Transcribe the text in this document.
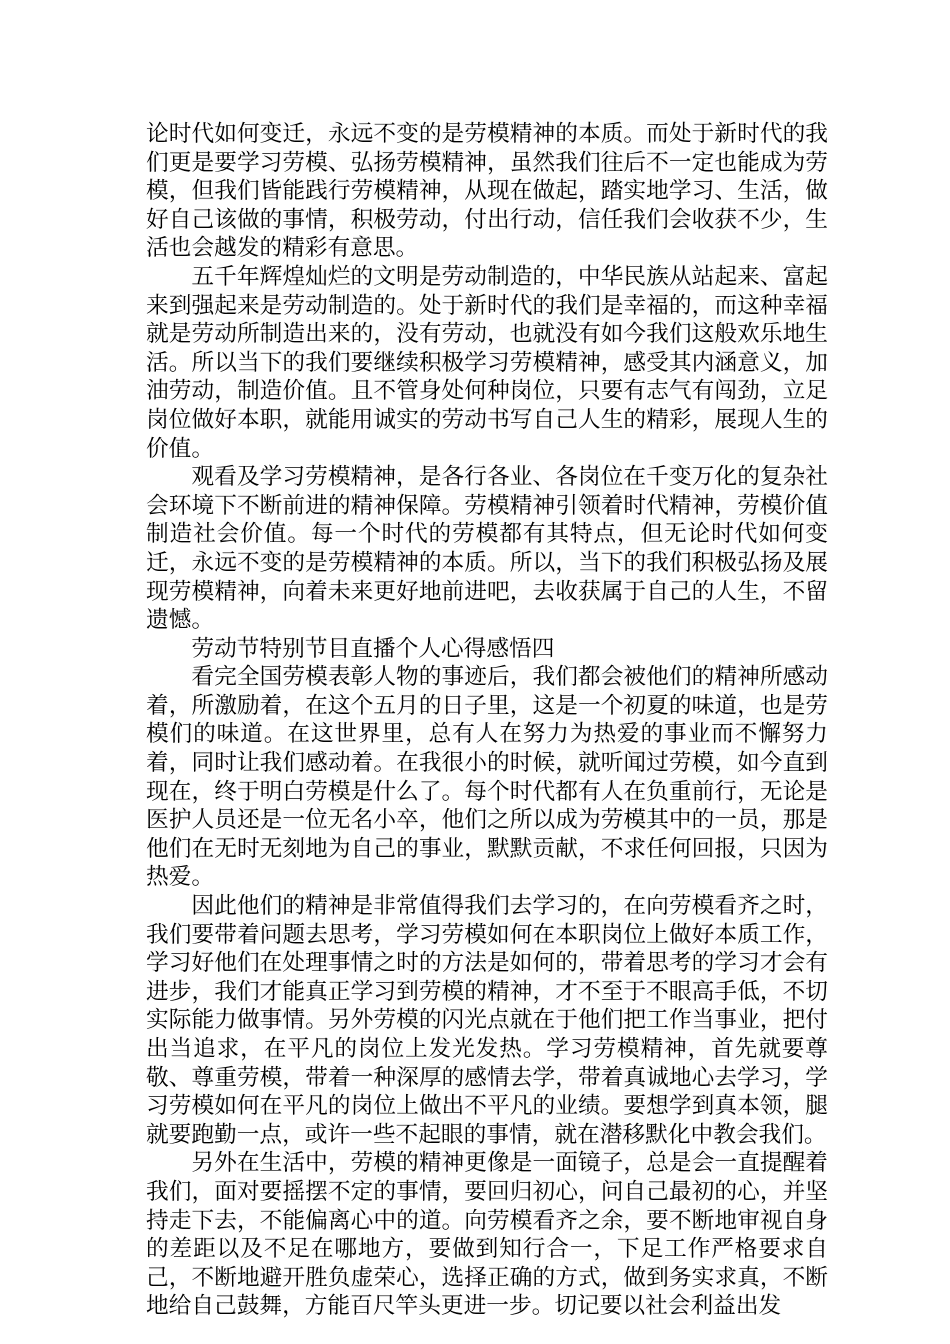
论时代如何变迁，永远不变的是劳模精神的本质。而处于新时代的我们更是要学习劳模、弘扬劳模精神，虽然我们往后不一定也能成为劳模，但我们皆能践行劳模精神，从现在做起，踏实地学习、生活，做好自己该做的事情，积极劳动，付出行动，信任我们会收获不少，生活也会越发的精彩有意思。

五千年辉煌灿烂的文明是劳动制造的，中华民族从站起来、富起来到强起来是劳动制造的。处于新时代的我们是幸福的，而这种幸福就是劳动所制造出来的，没有劳动，也就没有如今我们这般欢乐地生活。所以当下的我们要继续积极学习劳模精神，感受其内涵意义，加油劳动，制造价值。且不管身处何种岗位，只要有志气有闯劲，立足岗位做好本职，就能用诚实的劳动书写自己人生的精彩，展现人生的价值。

观看及学习劳模精神，是各行各业、各岗位在千变万化的复杂社会环境下不断前进的精神保障。劳模精神引领着时代精神，劳模价值制造社会价值。每一个时代的劳模都有其特点，但无论时代如何变迁，永远不变的是劳模精神的本质。所以，当下的我们积极弘扬及展现劳模精神，向着未来更好地前进吧，去收获属于自己的人生，不留遗憾。

劳动节特别节目直播个人心得感悟四

看完全国劳模表彰人物的事迹后，我们都会被他们的精神所感动着，所激励着，在这个五月的日子里，这是一个初夏的味道，也是劳模们的味道。在这世界里，总有人在努力为热爱的事业而不懈努力着，同时让我们感动着。在我很小的时候，就听闻过劳模，如今直到现在，终于明白劳模是什么了。每个时代都有人在负重前行，无论是医护人员还是一位无名小卒，他们之所以成为劳模其中的一员，那是他们在无时无刻地为自己的事业，默默贡献，不求任何回报，只因为热爱。

因此他们的精神是非常值得我们去学习的，在向劳模看齐之时，我们要带着问题去思考，学习劳模如何在本职岗位上做好本质工作，学习好他们在处理事情之时的方法是如何的，带着思考的学习才会有进步，我们才能真正学习到劳模的精神，才不至于不眼高手低，不切实际能力做事情。另外劳模的闪光点就在于他们把工作当事业，把付出当追求，在平凡的岗位上发光发热。学习劳模精神，首先就要尊敬、尊重劳模，带着一种深厚的感情去学，带着真诚地心去学习，学习劳模如何在平凡的岗位上做出不平凡的业绩。要想学到真本领，腿就要跑勤一点，或许一些不起眼的事情，就在潜移默化中教会我们。

另外在生活中，劳模的精神更像是一面镜子，总是会一直提醒着我们，面对要摇摆不定的事情，要回归初心，问自己最初的心，并坚持走下去，不能偏离心中的道。向劳模看齐之余，要不断地审视自身的差距以及不足在哪地方，要做到知行合一，下足工作严格要求自己，不断地避开胜负虚荣心，选择正确的方式，做到务实求真，不断地给自己鼓舞，方能百尺竿头更进一步。切记要以社会利益出发
